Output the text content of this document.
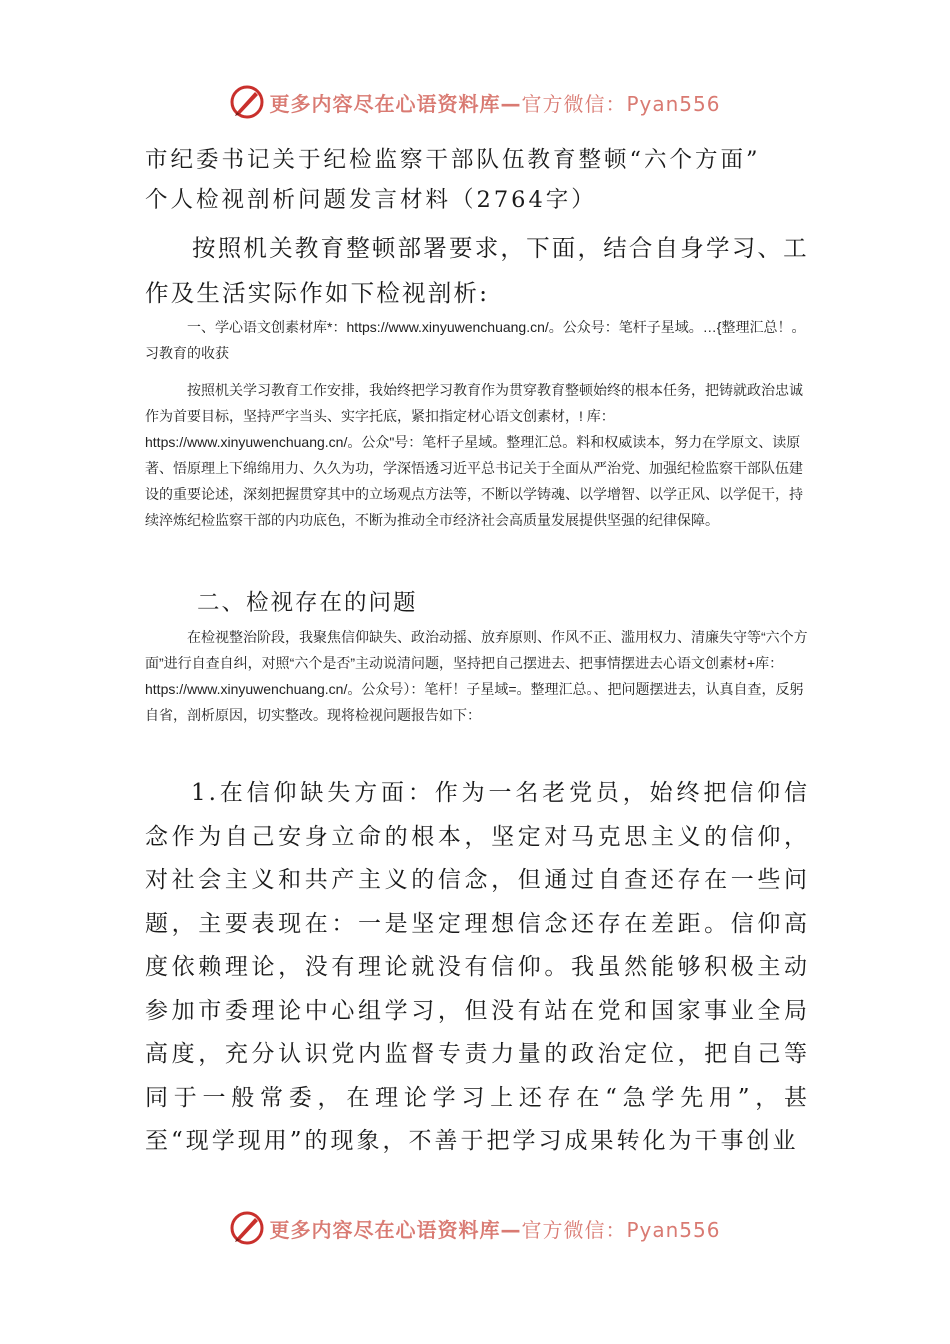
更多内容尽在心语资料库—官方微信：Pyan556
市纪委书记关于纪检监察干部队伍教育整顿“六个方面”
个人检视剖析问题发言材料（2764字）

按照机关教育整顿部署要求，下面，结合自身学习、工作及生活实际作如下检视剖析:

一、学心语文创素材库*：https://www.xinyuwenchuang.cn/。公众号：笔杆子星域。…{整理汇总！。习教育的收获

按照机关学习教育工作安排，我始终把学习教育作为贯穿教育整顿始终的根本任务，把铸就政治忠诚作为首要目标，坚持严字当头、实字托底，紧扣指定材心语文创素材，! 库：https://www.xinyuwenchuang.cn/。公众"号：笔杆子星域。整理汇总。料和权威读本，努力在学原文、读原著、悟原理上下绵绵用力、久久为功，学深悟透习近平总书记关于全面从严治党、加强纪检监察干部队伍建设的重要论述，深刻把握贯穿其中的立场观点方法等，不断以学铸魂、以学增智、以学正风、以学促干，持续淬炼纪检监察干部的内功底色，不断为推动全市经济社会高质量发展提供坚强的纪律保障。

二、检视存在的问题

在检视整治阶段，我聚焦信仰缺失、政治动摇、放弃原则、作风不正、滥用权力、清廉失守等“六个方面”进行自查自纠，对照“六个是否”主动说清问题，坚持把自己摆进去、把事情摆进去心语文创素材+库：https://www.xinyuwenchuang.cn/。公众号）：笔杆！子星域=。整理汇总。、把问题摆进去，认真自查，反躬自省，剖析原因，切实整改。现将检视问题报告如下：

1.在信仰缺失方面：作为一名老党员，始终把信仰信念作为自己安身立命的根本，坚定对马克思主义的信仰，对社会主义和共产主义的信念，但通过自查还存在一些问题，主要表现在：一是坚定理想信念还存在差距。信仰高度依赖理论，没有理论就没有信仰。我虽然能够积极主动参加市委理论中心组学习，但没有站在党和国家事业全局高度，充分认识党内监督专责力量的政治定位，把自己等同于一般常委，在理论学习上还存在“急学先用”，甚至“现学现用”的现象，不善于把学习成果转化为干事创业

更多内容尽在心语资料库—官方微信：Pyan556
